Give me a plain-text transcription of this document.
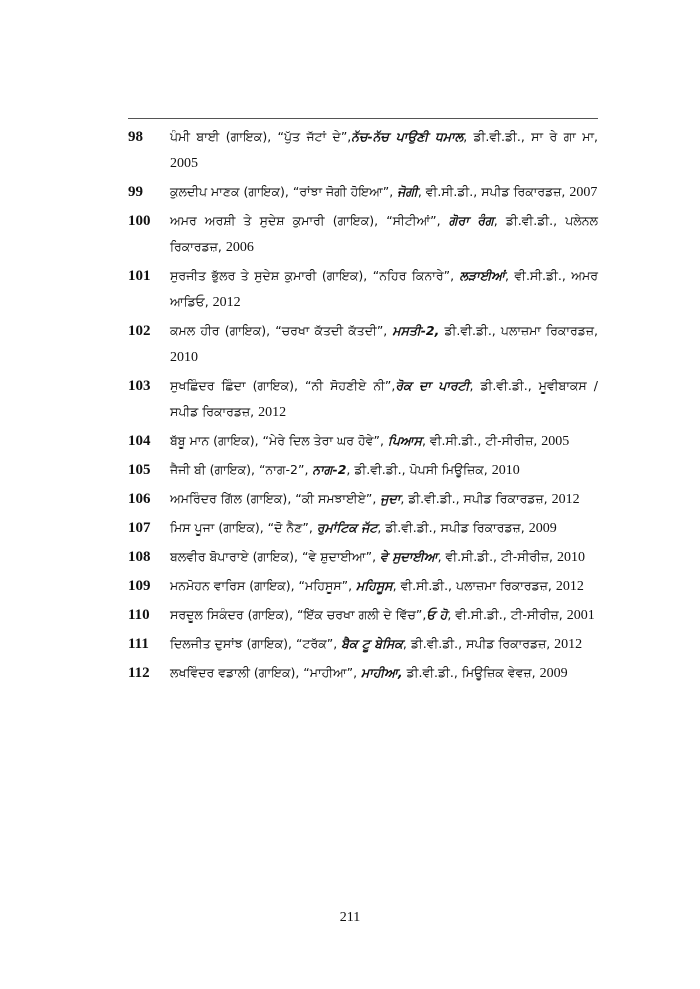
98	ਪੰਮੀ ਬਾਈ (ਗਾਇਕ), “ਪੁੱਤ ਜੱਟਾਂ ਦੇ”,ਨੱਚ-ਨੱਚ ਪਾਉਣੀ ਧਮਾਲ, ਡੀ.ਵੀ.ਡੀ., ਸਾ ਰੇ ਗਾ ਮਾ, 2005
99	ਕੁਲਦੀਪ ਮਾਣਕ (ਗਾਇਕ), “ਰਾਂਝਾ ਜੋਗੀ ਹੋਇਆ”, ਜੋਗੀ, ਵੀ.ਸੀ.ਡੀ., ਸਪੀਡ ਰਿਕਾਰਡਜ਼, 2007
100	ਅਮਰ ਅਰਸ਼ੀ ਤੇ ਸੁਦੇਸ਼ ਕੁਮਾਰੀ (ਗਾਇਕ), “ਸੀਟੀਆਂ”, ਗੋਰਾ ਰੰਗ, ਡੀ.ਵੀ.ਡੀ., ਪਲੇਨਲ ਰਿਕਾਰਡਜ਼, 2006
101	ਸੁਰਜੀਤ ਭੁੱਲਰ ਤੇ ਸੁਦੇਸ਼ ਕੁਮਾਰੀ (ਗਾਇਕ), “ਨਹਿਰ ਕਿਨਾਰੇ”, ਲੜਾਈਆਂ, ਵੀ.ਸੀ.ਡੀ., ਅਮਰ ਆਡਿਓ, 2012
102	ਕਮਲ ਹੀਰ (ਗਾਇਕ), “ਚਰਖਾ ਕੱਤਦੀ ਕੱਤਦੀ”, ਮਸਤੀ-2, ਡੀ.ਵੀ.ਡੀ., ਪਲਾਜ਼ਮਾ ਰਿਕਾਰਡਜ਼, 2010
103	ਸੁਖਛਿੰਦਰ ਛਿੰਦਾ (ਗਾਇਕ), “ਨੀ ਸੋਹਣੀਏ ਨੀ”,ਰੋਕ ਦਾ ਪਾਰਟੀ, ਡੀ.ਵੀ.ਡੀ., ਮੂਵੀਬਾਕਸ / ਸਪੀਡ ਰਿਕਾਰਡਜ਼, 2012
104	ਬੱਬੂ ਮਾਨ (ਗਾਇਕ), “ਮੇਰੇ ਦਿਲ ਤੇਰਾ ਘਰ ਹੋਵੇ”, ਪਿਆਸ, ਵੀ.ਸੀ.ਡੀ., ਟੀ-ਸੀਰੀਜ਼, 2005
105	ਜੈਜੀ ਬੀ (ਗਾਇਕ), “ਨਾਗ-2”, ਨਾਗ-2, ਡੀ.ਵੀ.ਡੀ., ਪੋਪਸੀ ਮਿਊਜ਼ਿਕ, 2010
106	ਅਮਰਿੰਦਰ ਗਿੱਲ (ਗਾਇਕ), “ਕੀ ਸਮਝਾਈਏ”, ਜੁਦਾ, ਡੀ.ਵੀ.ਡੀ., ਸਪੀਡ ਰਿਕਾਰਡਜ਼, 2012
107	ਮਿਸ ਪੂਜਾ (ਗਾਇਕ), “ਦੋ ਨੈਣ”, ਰੁਮਾਂਟਿਕ ਜੱਟ, ਡੀ.ਵੀ.ਡੀ., ਸਪੀਡ ਰਿਕਾਰਡਜ਼, 2009
108	ਬਲਵੀਰ ਬੋਪਾਰਾਏ (ਗਾਇਕ), “ਵੇ ਸ਼ੁਦਾਈਆ”, ਵੇ ਸੁਦਾਈਆ, ਵੀ.ਸੀ.ਡੀ., ਟੀ-ਸੀਰੀਜ਼, 2010
109	ਮਨਮੋਹਨ ਵਾਰਿਸ (ਗਾਇਕ), “ਮਹਿਸੂਸ”, ਮਹਿਸੂਸ, ਵੀ.ਸੀ.ਡੀ., ਪਲਾਜ਼ਮਾ ਰਿਕਾਰਡਜ਼, 2012
110	ਸਰਦੂਲ ਸਿਕੰਦਰ (ਗਾਇਕ), “ਇੱਕ ਚਰਖਾ ਗਲੀ ਦੇ ਵਿੱਚ”,ਓ ਹੋ, ਵੀ.ਸੀ.ਡੀ., ਟੀ-ਸੀਰੀਜ਼, 2001
111	ਦਿਲਜੀਤ ਦੁਸਾਂਝ (ਗਾਇਕ), “ਟਰੱਕ”, ਬੈਕ ਟੂ ਬੇਸਿਕ, ਡੀ.ਵੀ.ਡੀ., ਸਪੀਡ ਰਿਕਾਰਡਜ਼, 2012
112	ਲਖਵਿੰਦਰ ਵਡਾਲੀ (ਗਾਇਕ), “ਮਾਹੀਆ”, ਮਾਹੀਆ, ਡੀ.ਵੀ.ਡੀ., ਮਿਊਜ਼ਿਕ ਵੇਵਜ਼, 2009
211
